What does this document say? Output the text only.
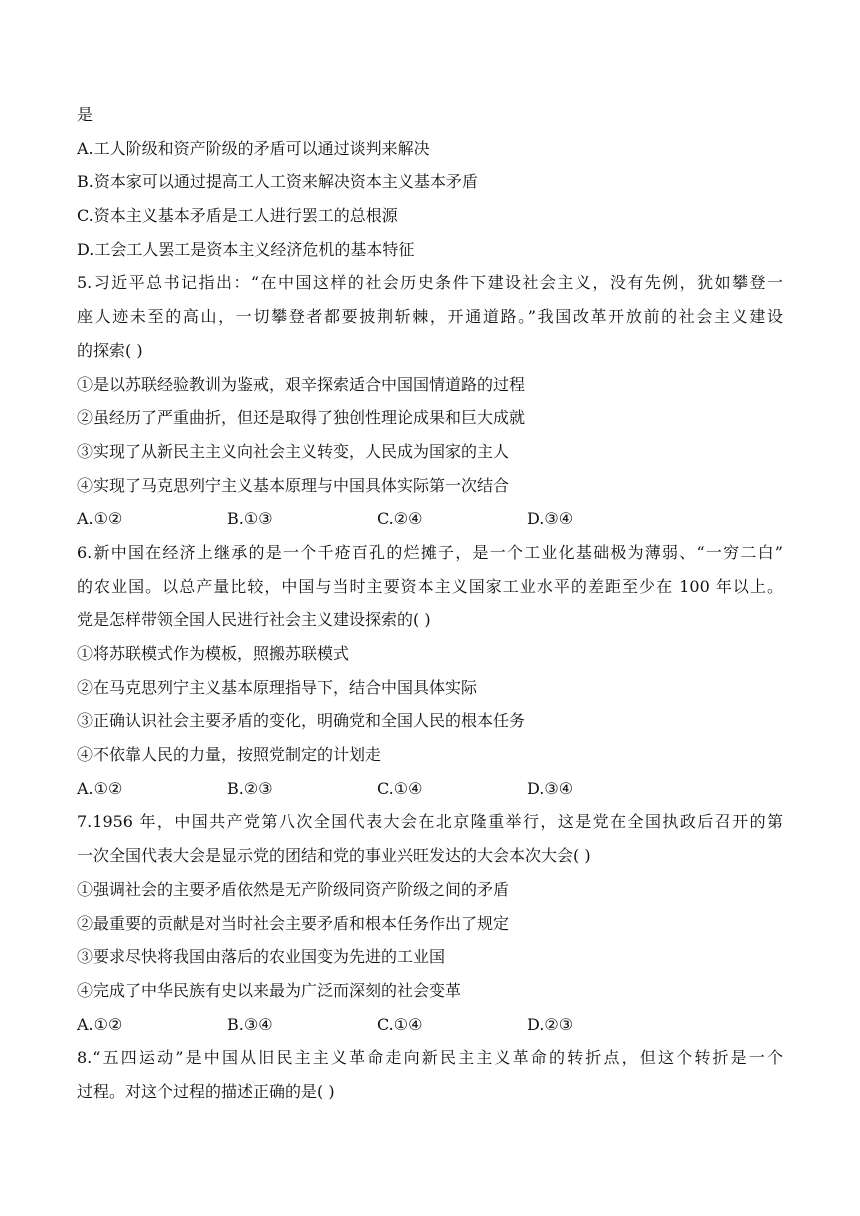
是
A.工人阶级和资产阶级的矛盾可以通过谈判来解决
B.资本家可以通过提高工人工资来解决资本主义基本矛盾
C.资本主义基本矛盾是工人进行罢工的总根源
D.工会工人罢工是资本主义经济危机的基本特征
5.习近平总书记指出：“在中国这样的社会历史条件下建设社会主义，没有先例，犹如攀登一
座人迹未至的高山，一切攀登者都要披荆斩棘，开通道路。”我国改革开放前的社会主义建设
的探索( )
①是以苏联经验教训为鉴戒，艰辛探索适合中国国情道路的过程
②虽经历了严重曲折，但还是取得了独创性理论成果和巨大成就
③实现了从新民主主义向社会主义转变，人民成为国家的主人
④实现了马克思列宁主义基本原理与中国具体实际第一次结合
A.①②	B.①③	C.②④	D.③④
6.新中国在经济上继承的是一个千疮百孔的烂摊子，是一个工业化基础极为薄弱、“一穷二白”
的农业国。以总产量比较，中国与当时主要资本主义国家工业水平的差距至少在 100 年以上。
党是怎样带领全国人民进行社会主义建设探索的( )
①将苏联模式作为模板，照搬苏联模式
②在马克思列宁主义基本原理指导下，结合中国具体实际
③正确认识社会主要矛盾的变化，明确党和全国人民的根本任务
④不依靠人民的力量，按照党制定的计划走
A.①②	B.②③	C.①④	D.③④
7.1956 年，中国共产党第八次全国代表大会在北京隆重举行，这是党在全国执政后召开的第
一次全国代表大会是显示党的团结和党的事业兴旺发达的大会本次大会( )
①强调社会的主要矛盾依然是无产阶级同资产阶级之间的矛盾
②最重要的贡献是对当时社会主要矛盾和根本任务作出了规定
③要求尽快将我国由落后的农业国变为先进的工业国
④完成了中华民族有史以来最为广泛而深刻的社会变革
A.①②	B.③④	C.①④	D.②③
8.“五四运动”是中国从旧民主主义革命走向新民主主义革命的转折点，但这个转折是一个
过程。对这个过程的描述正确的是( )
